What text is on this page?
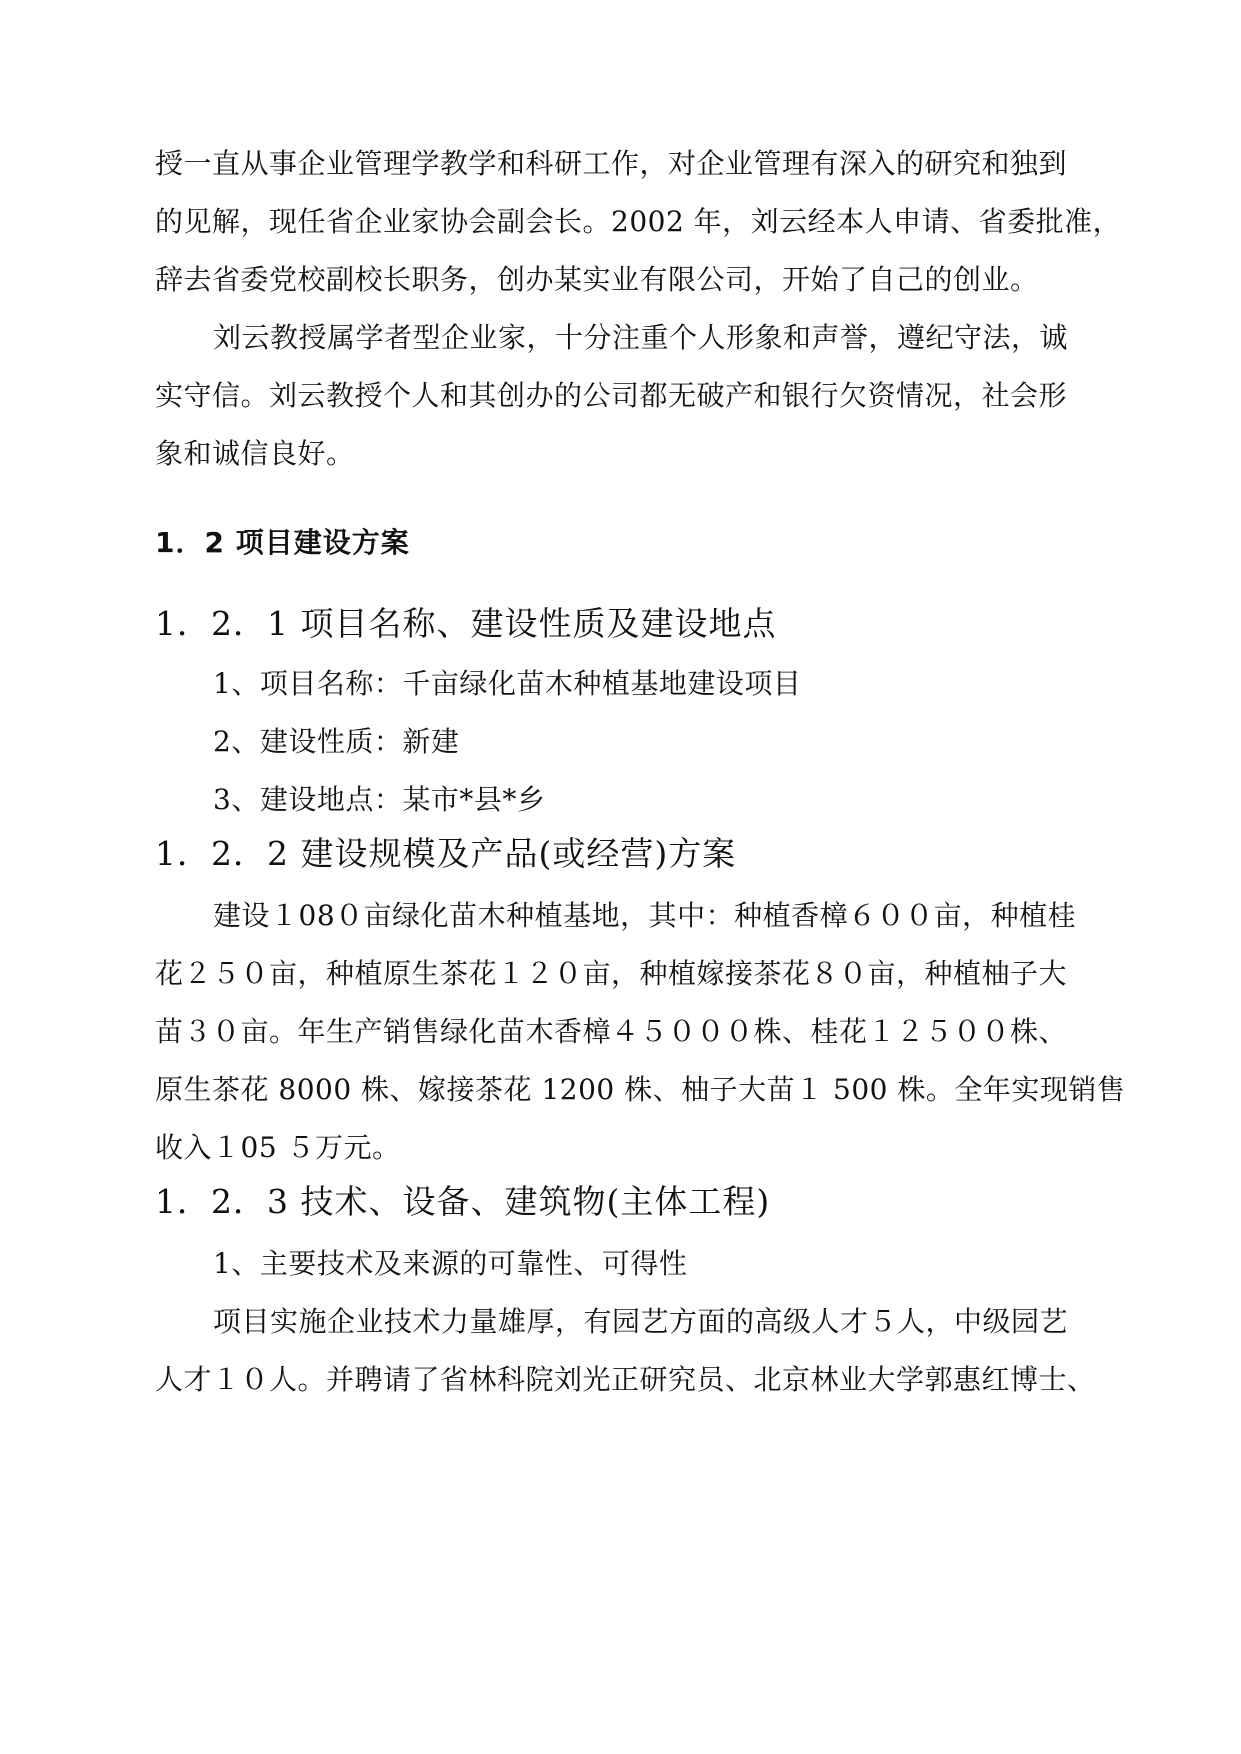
授一直从事企业管理学教学和科研工作，对企业管理有深入的研究和独到
的见解，现任省企业家协会副会长。2002 年，刘云经本人申请、省委批准，
辞去省委党校副校长职务，创办某实业有限公司，开始了自己的创业。
刘云教授属学者型企业家，十分注重个人形象和声誉，遵纪守法，诚
实守信。刘云教授个人和其创办的公司都无破产和银行欠资情况，社会形
象和诚信良好。
1．2 项目建设方案
1．2．1 项目名称、建设性质及建设地点
1、项目名称：千亩绿化苗木种植基地建设项目
2、建设性质：新建
3、建设地点：某市*县*乡
1．2．2 建设规模及产品(或经营)方案
建设１08０亩绿化苗木种植基地，其中：种植香樟６００亩，种植桂
花２５０亩，种植原生茶花１２０亩，种植嫁接茶花８０亩，种植柚子大
苗３０亩。年生产销售绿化苗木香樟４５０００株、桂花１２５００株、
原生茶花 8000 株、嫁接茶花 1200 株、柚子大苗１ 500 株。全年实现销售
收入１05 ５万元。
1．2．3 技术、设备、建筑物(主体工程)
1、主要技术及来源的可靠性、可得性
项目实施企业技术力量雄厚，有园艺方面的高级人才５人，中级园艺
人才１０人。并聘请了省林科院刘光正研究员、北京林业大学郭惠红博士、
